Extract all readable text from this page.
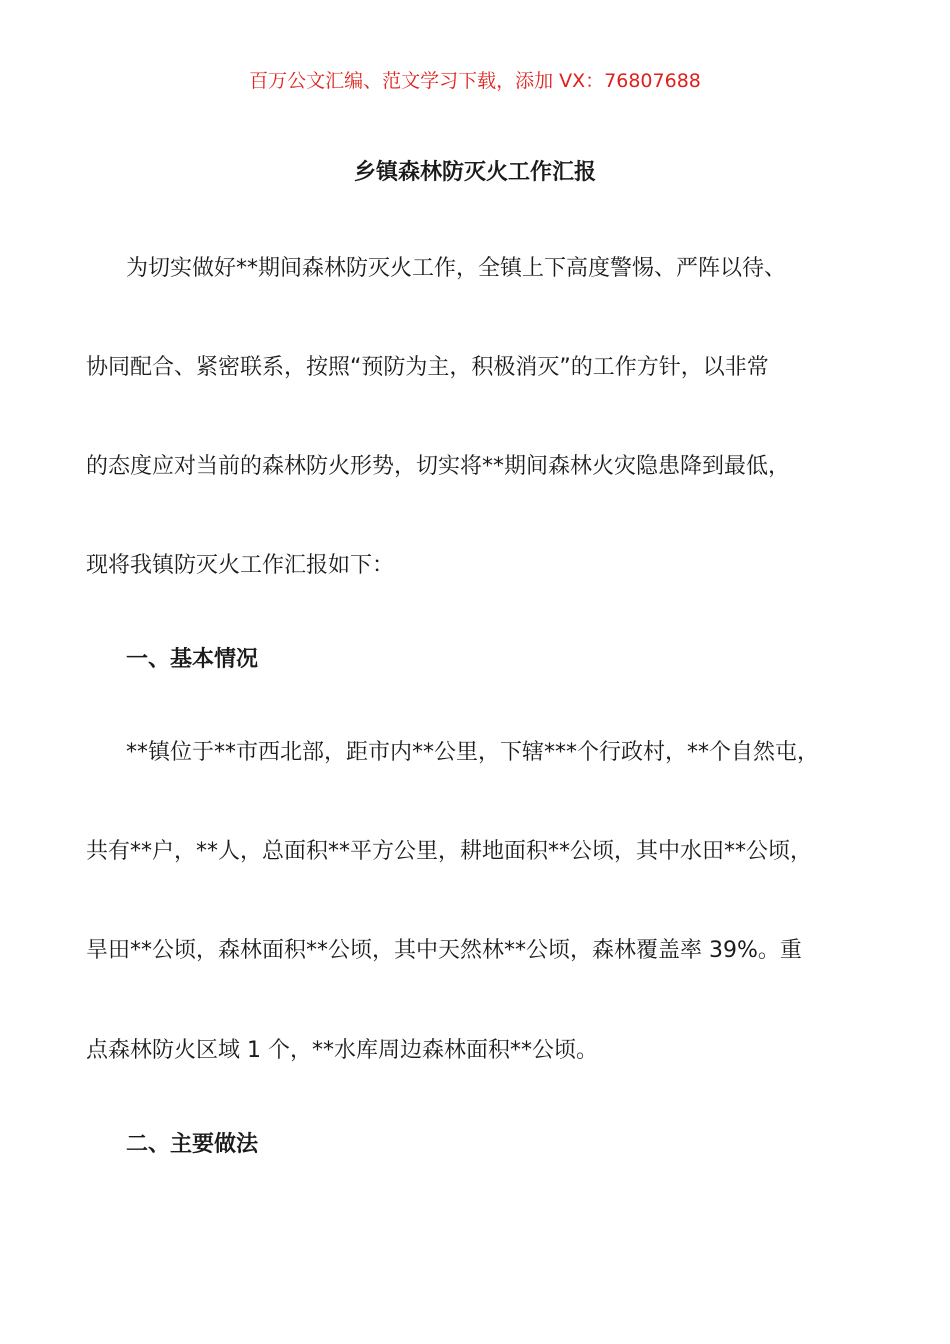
百万公文汇编、范文学习下载，添加 VX：76807688
乡镇森林防灭火工作汇报
为切实做好**期间森林防灭火工作，全镇上下高度警惕、严阵以待、
协同配合、紧密联系，按照“预防为主，积极消灭”的工作方针，以非常
的态度应对当前的森林防火形势，切实将**期间森林火灾隐患降到最低，
现将我镇防灭火工作汇报如下：
一、基本情况
**镇位于**市西北部，距市内**公里，下辖***个行政村，**个自然屯，
共有**户，**人，总面积**平方公里，耕地面积**公顷，其中水田**公顷，
旱田**公顷，森林面积**公顷，其中天然林**公顷，森林覆盖率 39%。重
点森林防火区域 1 个，**水库周边森林面积**公顷。
二、主要做法
